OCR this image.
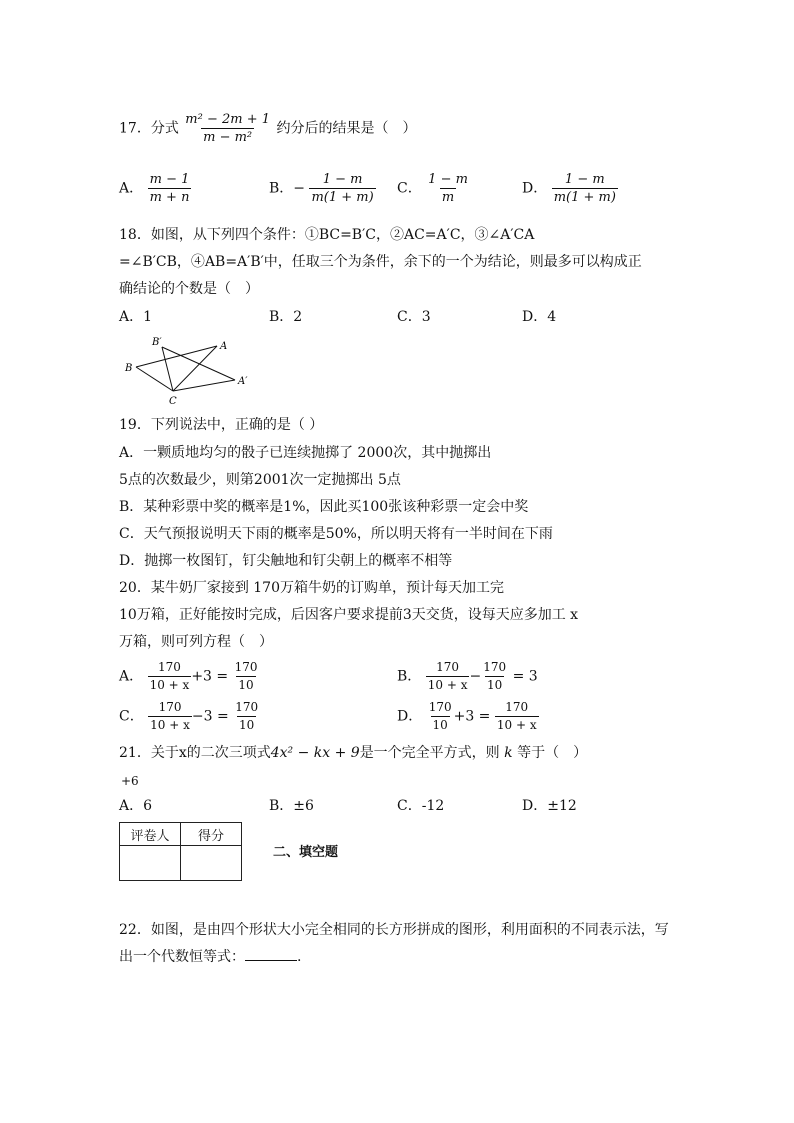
17．分式 $\frac{\text{m² − 2m + 1}}{\text{m − m²}}$ 约分后的结果是（　）
A． $\frac{m - 1}{m + n}$	B．− $\frac{1 - m}{m(1 + m)}$ C． $\frac{1 - m}{m}$	D． $\frac{1 - m}{m(1 + m)}$
18．如图，从下列四个条件：①BC=B′C，②AC=A′C，③∠A′CA
=∠B′CB，④AB=A′B′中，任取三个为条件，余下的一个为结论，则最多可以构成正
确结论的个数是（　）
A．1	B．2	C．3	D．4
B′	A
B
A′
C
19．下列说法中，正确的是（ ）
A．一颗质地均匀的骰子已连续抛掷了 2000次，其中抛掷出
5点的次数最少，则第2001次一定抛掷出 5点
B．某种彩票中奖的概率是1%，因此买100张该种彩票一定会中奖
C．天气预报说明天下雨的概率是50%，所以明天将有一半时间在下雨
D．抛掷一枚图钉，钉尖触地和钉尖朝上的概率不相等
20．某牛奶厂家接到 170万箱牛奶的订购单，预计每天加工完
10万箱，正好能按时完成，后因客户要求提前3天交货，设每天应多加工 x
万箱，则可列方程（　）
A． $\frac{170}{10 + x} +3 = \frac{170}{10}$	B． $\frac{170}{10 + x} - \frac{170}{10} = 3$
C． $\frac{170}{10 + x} -3 = \frac{170}{10}$	D． $\frac{170}{10} +3 = \frac{170}{10 + x}$
21．关于x的二次三项式4x² − kx + 9是一个完全平方式，则 k 等于（　）
+6
A．6	B．±6	C．-12	D．±12
评卷人	得分

二、填空题
22．如图，是由四个形状大小完全相同的长方形拼成的图形，利用面积的不同表示法，写
出一个代数恒等式：	.
